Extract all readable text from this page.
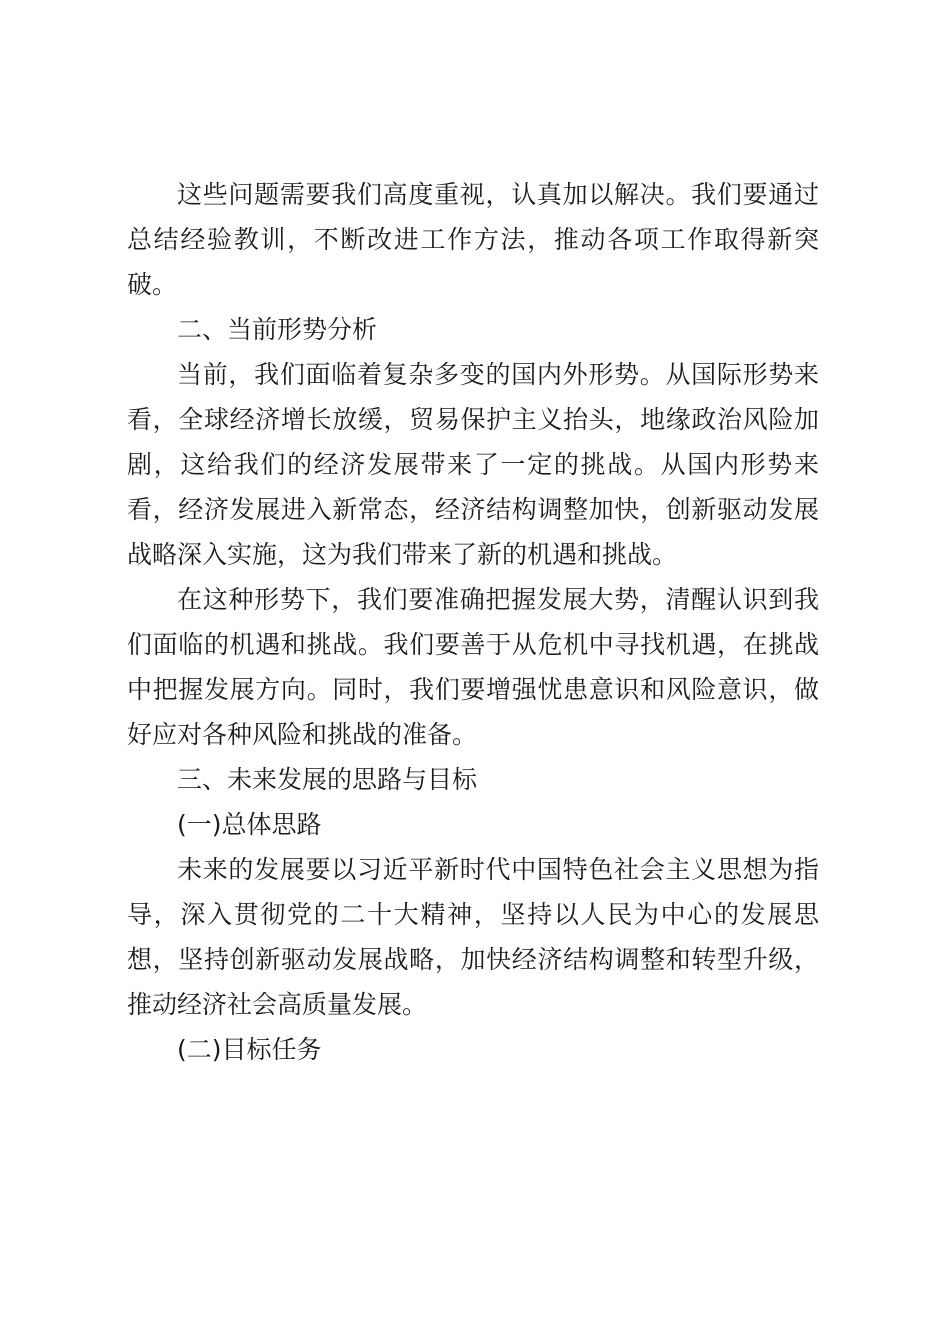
这些问题需要我们高度重视，认真加以解决。我们要通过总结经验教训，不断改进工作方法，推动各项工作取得新突破。

二、当前形势分析

当前，我们面临着复杂多变的国内外形势。从国际形势来看，全球经济增长放缓，贸易保护主义抬头，地缘政治风险加剧，这给我们的经济发展带来了一定的挑战。从国内形势来看，经济发展进入新常态，经济结构调整加快，创新驱动发展战略深入实施，这为我们带来了新的机遇和挑战。

在这种形势下，我们要准确把握发展大势，清醒认识到我们面临的机遇和挑战。我们要善于从危机中寻找机遇，在挑战中把握发展方向。同时，我们要增强忧患意识和风险意识，做好应对各种风险和挑战的准备。

三、未来发展的思路与目标

(一)总体思路

未来的发展要以习近平新时代中国特色社会主义思想为指导，深入贯彻党的二十大精神，坚持以人民为中心的发展思想，坚持创新驱动发展战略，加快经济结构调整和转型升级，推动经济社会高质量发展。

(二)目标任务
